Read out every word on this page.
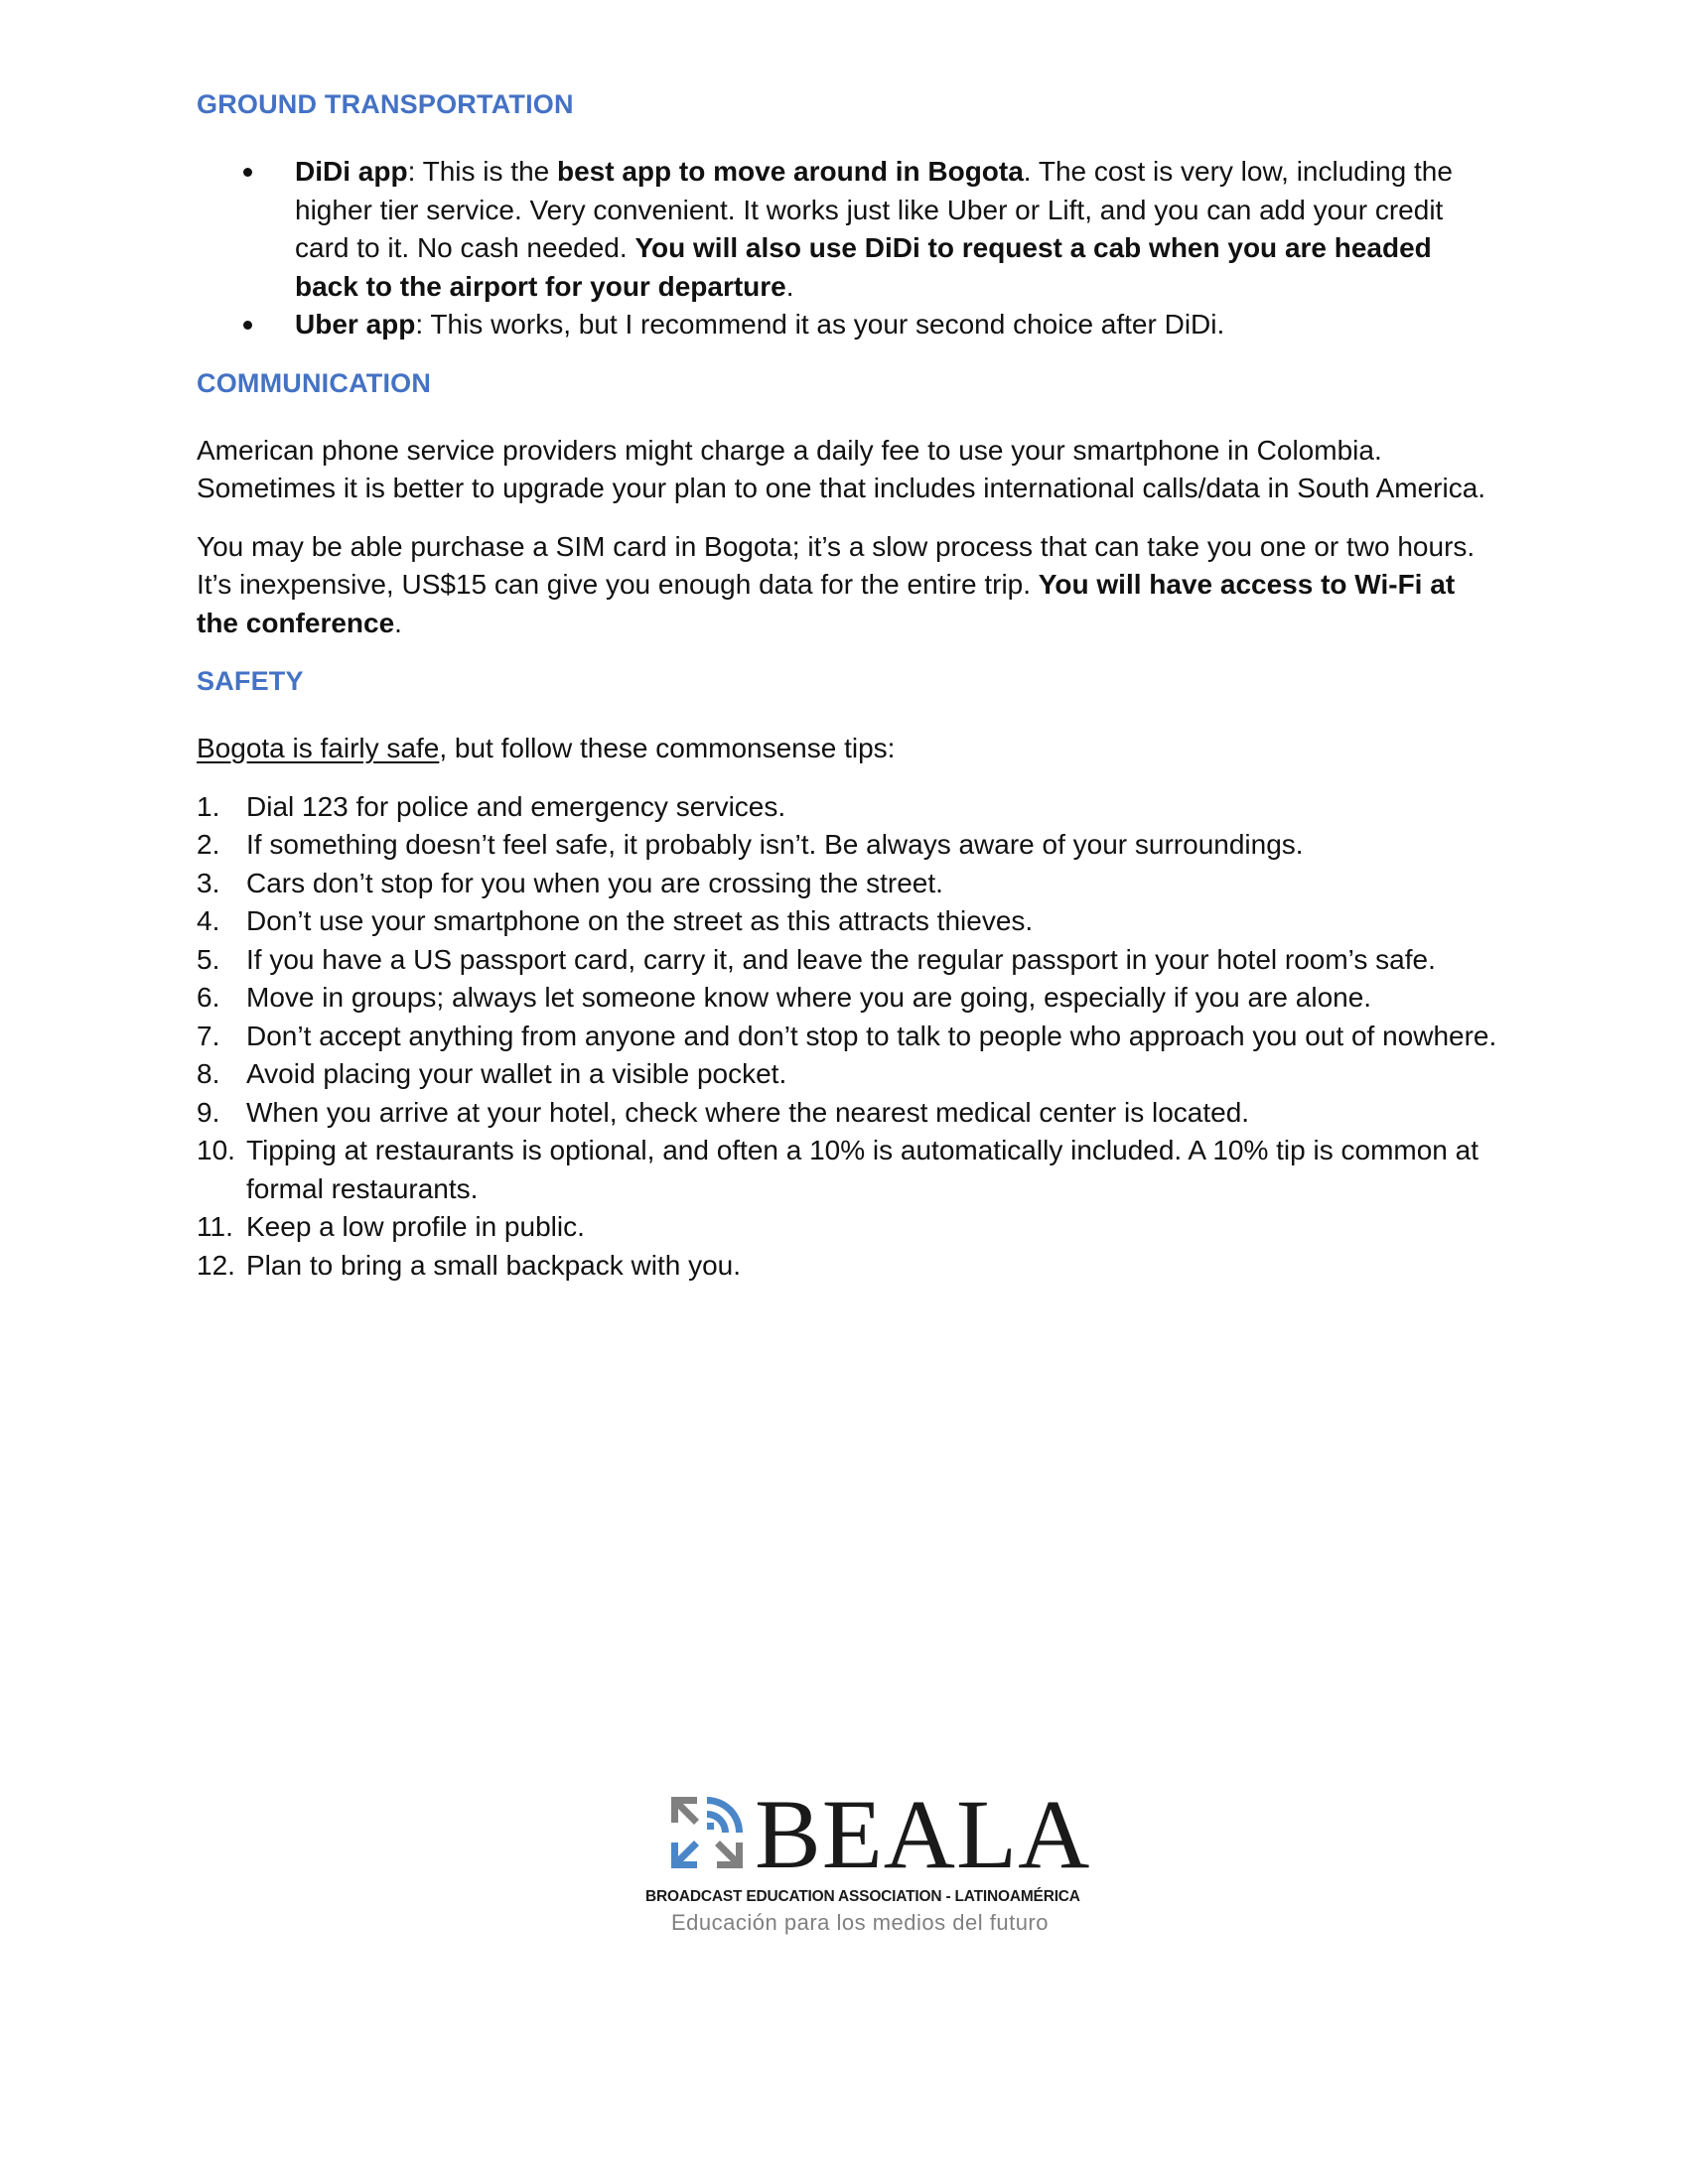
GROUND TRANSPORTATION
DiDi app: This is the best app to move around in Bogota. The cost is very low, including the higher tier service. Very convenient. It works just like Uber or Lift, and you can add your credit card to it. No cash needed. You will also use DiDi to request a cab when you are headed back to the airport for your departure.
Uber app: This works, but I recommend it as your second choice after DiDi.
COMMUNICATION

American phone service providers might charge a daily fee to use your smartphone in Colombia. Sometimes it is better to upgrade your plan to one that includes international calls/data in South America.

You may be able purchase a SIM card in Bogota; it’s a slow process that can take you one or two hours. It’s inexpensive, US$15 can give you enough data for the entire trip. You will have access to Wi-Fi at the conference.

SAFETY

Bogota is fairly safe, but follow these commonsense tips:

1. Dial 123 for police and emergency services.
2. If something doesn’t feel safe, it probably isn’t. Be always aware of your surroundings.
3. Cars don’t stop for you when you are crossing the street.
4. Don’t use your smartphone on the street as this attracts thieves.
5. If you have a US passport card, carry it, and leave the regular passport in your hotel room’s safe.
6. Move in groups; always let someone know where you are going, especially if you are alone.
7. Don’t accept anything from anyone and don’t stop to talk to people who approach you out of nowhere.
8. Avoid placing your wallet in a visible pocket.
9. When you arrive at your hotel, check where the nearest medical center is located.
10. Tipping at restaurants is optional, and often a 10% is automatically included. A 10% tip is common at formal restaurants.
11. Keep a low profile in public.
12. Plan to bring a small backpack with you.
BEALA
BROADCAST EDUCATION ASSOCIATION - LATINOAMÉRICA
Educación para los medios del futuro
